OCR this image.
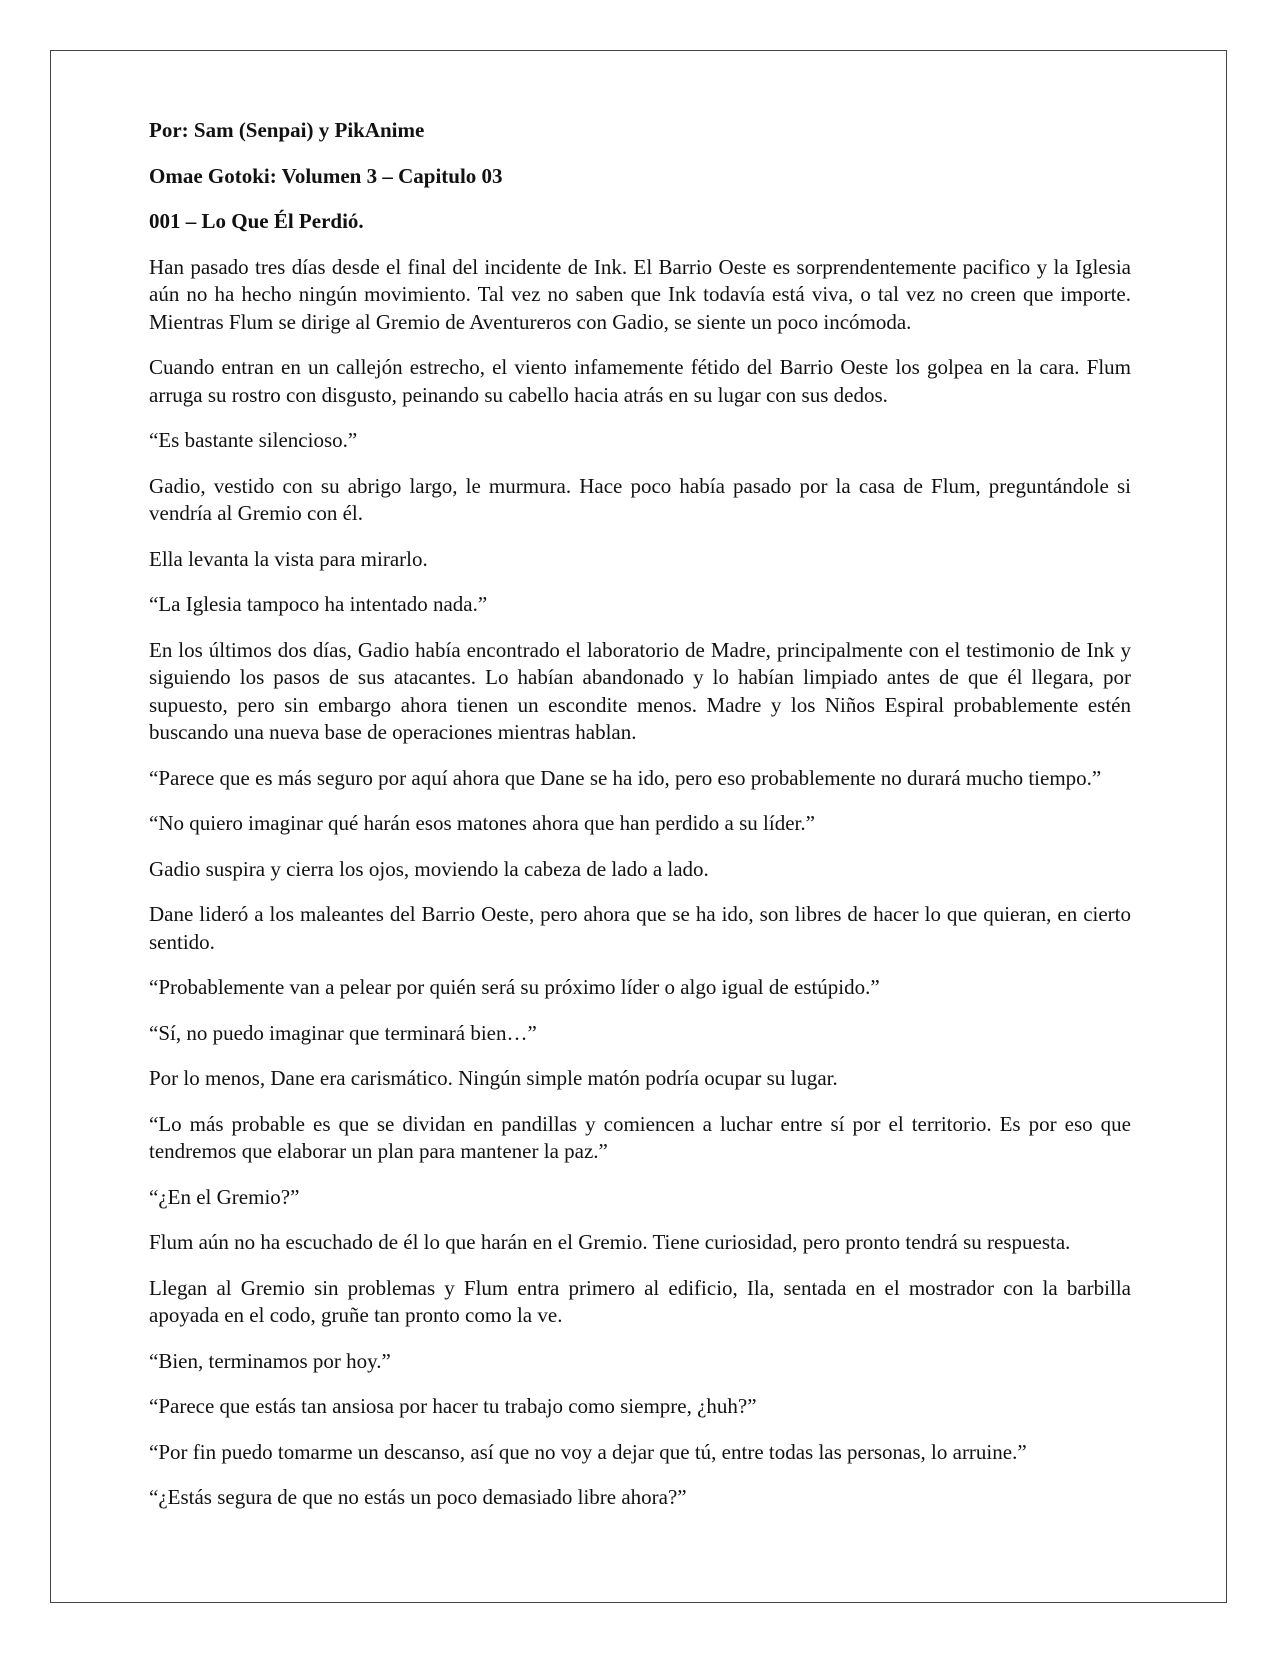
Por: Sam (Senpai) y PikAnime

Omae Gotoki: Volumen 3 – Capitulo 03

001 – Lo Que Él Perdió.

Han pasado tres días desde el final del incidente de Ink. El Barrio Oeste es sorprendentemente pacifico y la Iglesia aún no ha hecho ningún movimiento. Tal vez no saben que Ink todavía está viva, o tal vez no creen que importe. Mientras Flum se dirige al Gremio de Aventureros con Gadio, se siente un poco incómoda.

Cuando entran en un callejón estrecho, el viento infamemente fétido del Barrio Oeste los golpea en la cara. Flum arruga su rostro con disgusto, peinando su cabello hacia atrás en su lugar con sus dedos.

“Es bastante silencioso.”

Gadio, vestido con su abrigo largo, le murmura. Hace poco había pasado por la casa de Flum, preguntándole si vendría al Gremio con él.

Ella levanta la vista para mirarlo.

“La Iglesia tampoco ha intentado nada.”

En los últimos dos días, Gadio había encontrado el laboratorio de Madre, principalmente con el testimonio de Ink y siguiendo los pasos de sus atacantes. Lo habían abandonado y lo habían limpiado antes de que él llegara, por supuesto, pero sin embargo ahora tienen un escondite menos. Madre y los Niños Espiral probablemente estén buscando una nueva base de operaciones mientras hablan.

“Parece que es más seguro por aquí ahora que Dane se ha ido, pero eso probablemente no durará mucho tiempo.”

“No quiero imaginar qué harán esos matones ahora que han perdido a su líder.”

Gadio suspira y cierra los ojos, moviendo la cabeza de lado a lado.

Dane lideró a los maleantes del Barrio Oeste, pero ahora que se ha ido, son libres de hacer lo que quieran, en cierto sentido.

“Probablemente van a pelear por quién será su próximo líder o algo igual de estúpido.”

“Sí, no puedo imaginar que terminará bien…”

Por lo menos, Dane era carismático. Ningún simple matón podría ocupar su lugar.

“Lo más probable es que se dividan en pandillas y comiencen a luchar entre sí por el territorio. Es por eso que tendremos que elaborar un plan para mantener la paz.”

“¿En el Gremio?”

Flum aún no ha escuchado de él lo que harán en el Gremio. Tiene curiosidad, pero pronto tendrá su respuesta.

Llegan al Gremio sin problemas y Flum entra primero al edificio, Ila, sentada en el mostrador con la barbilla apoyada en el codo, gruñe tan pronto como la ve.

“Bien, terminamos por hoy.”

“Parece que estás tan ansiosa por hacer tu trabajo como siempre, ¿huh?”

“Por fin puedo tomarme un descanso, así que no voy a dejar que tú, entre todas las personas, lo arruine.”

“¿Estás segura de que no estás un poco demasiado libre ahora?”
